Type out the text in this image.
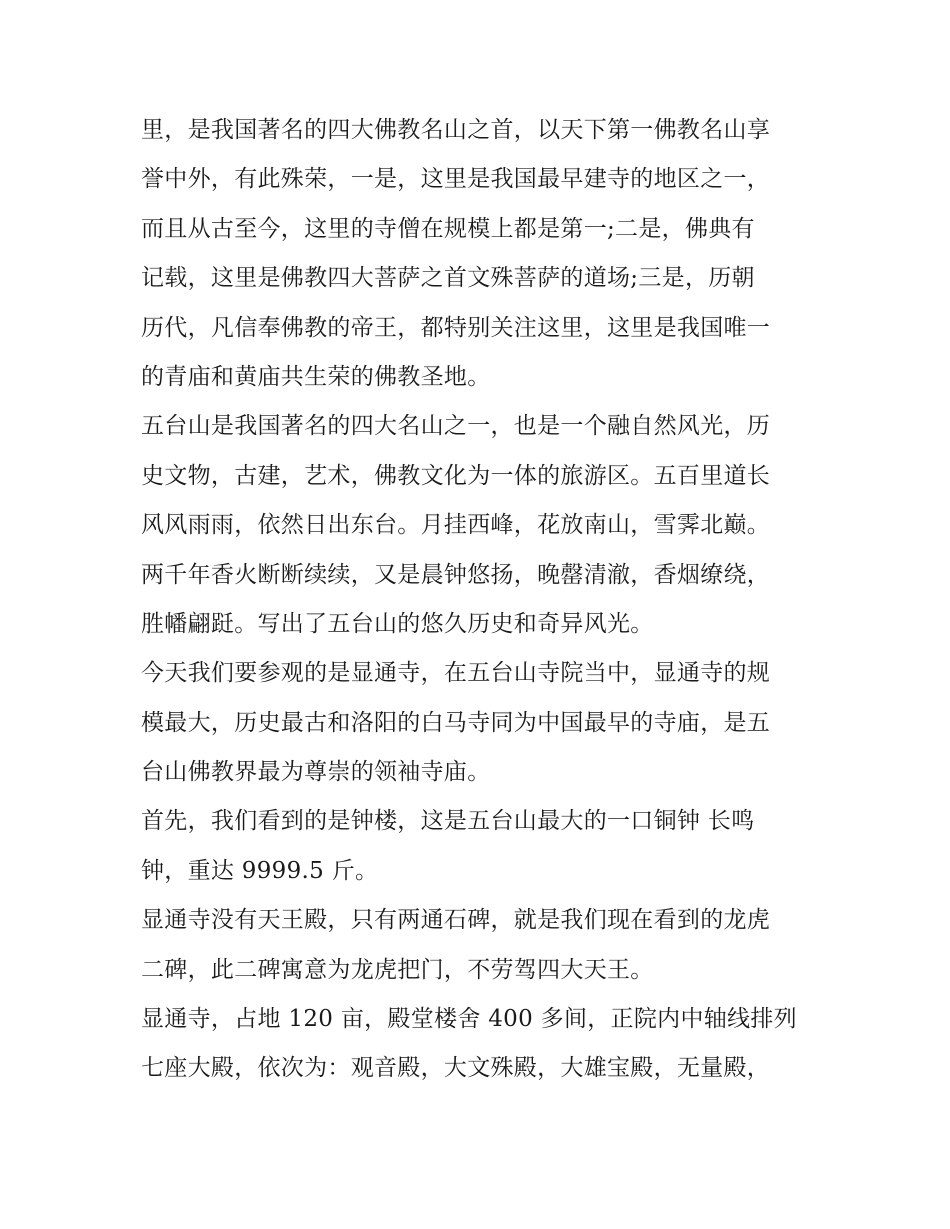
里，是我国著名的四大佛教名山之首，以天下第一佛教名山享
誉中外，有此殊荣，一是，这里是我国最早建寺的地区之一，
而且从古至今，这里的寺僧在规模上都是第一;二是，佛典有
记载，这里是佛教四大菩萨之首文殊菩萨的道场;三是，历朝
历代，凡信奉佛教的帝王，都特别关注这里，这里是我国唯一
的青庙和黄庙共生荣的佛教圣地。
五台山是我国著名的四大名山之一，也是一个融自然风光，历
史文物，古建，艺术，佛教文化为一体的旅游区。五百里道长
风风雨雨，依然日出东台。月挂西峰，花放南山，雪霁北巅。
两千年香火断断续续，又是晨钟悠扬，晚罄清澈，香烟缭绕，
胜幡翩跹。写出了五台山的悠久历史和奇异风光。
今天我们要参观的是显通寺，在五台山寺院当中，显通寺的规
模最大，历史最古和洛阳的白马寺同为中国最早的寺庙，是五
台山佛教界最为尊崇的领袖寺庙。
首先，我们看到的是钟楼，这是五台山最大的一口铜钟 长鸣
钟，重达 9999.5 斤。
显通寺没有天王殿，只有两通石碑，就是我们现在看到的龙虎
二碑，此二碑寓意为龙虎把门，不劳驾四大天王。
显通寺，占地 120 亩，殿堂楼舍 400 多间，正院内中轴线排列
七座大殿，依次为：观音殿，大文殊殿，大雄宝殿，无量殿，
